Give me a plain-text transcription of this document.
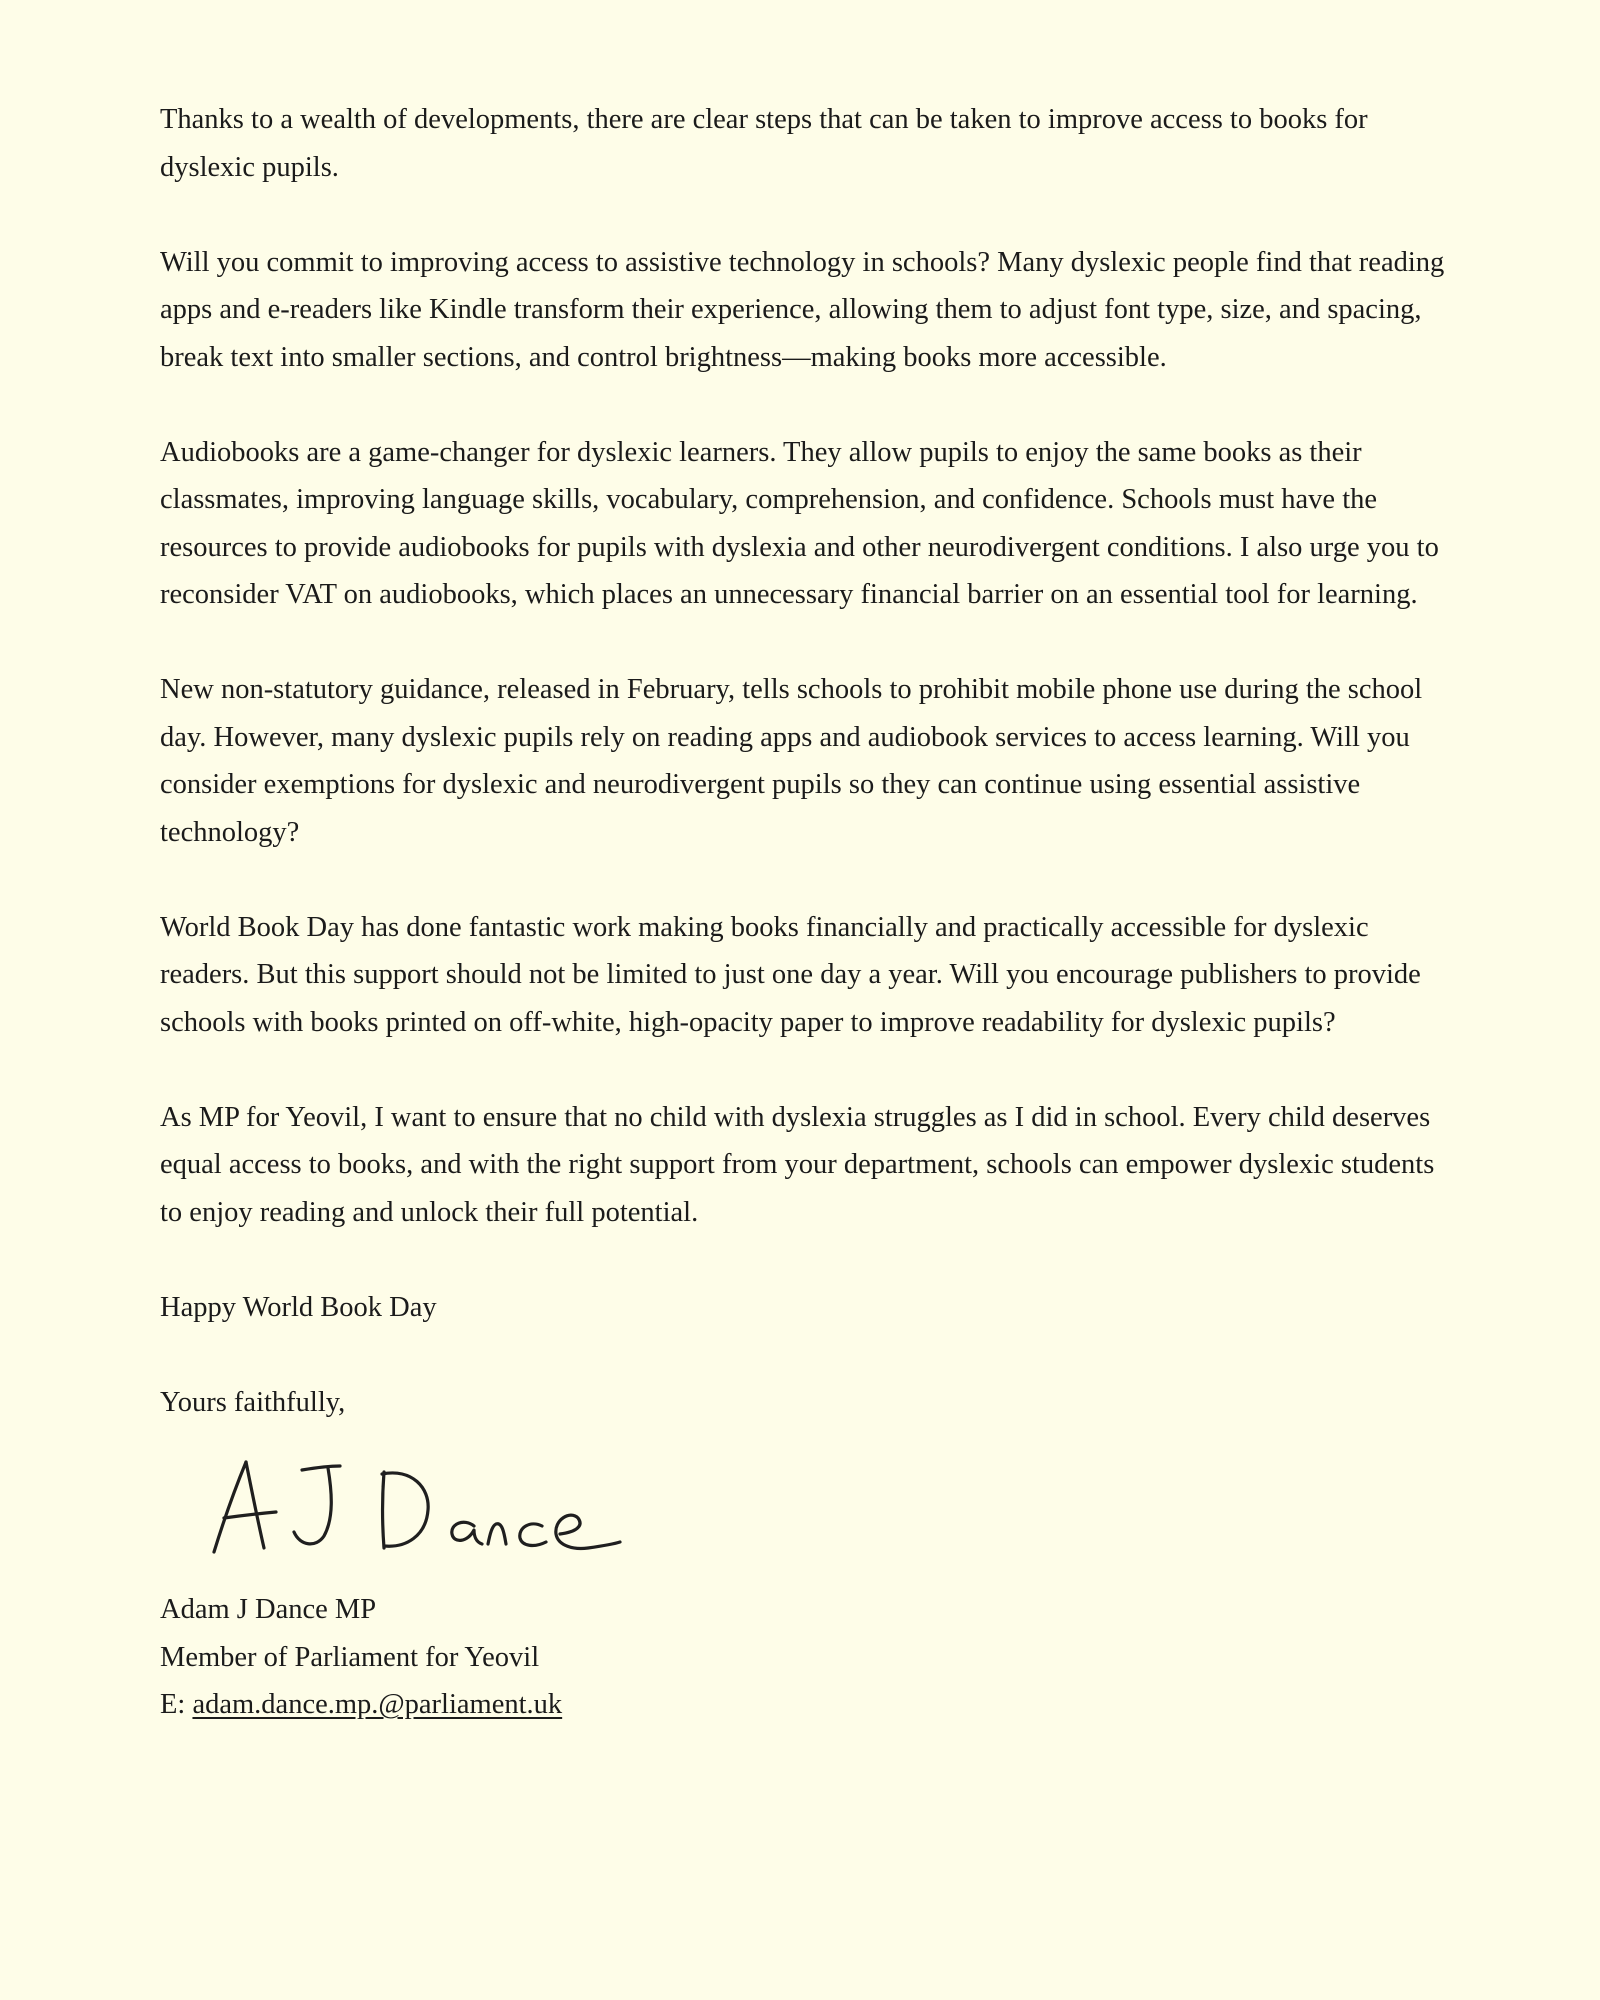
Thanks to a wealth of developments, there are clear steps that can be taken to improve access to books for dyslexic pupils.

Will you commit to improving access to assistive technology in schools? Many dyslexic people find that reading apps and e-readers like Kindle transform their experience, allowing them to adjust font type, size, and spacing, break text into smaller sections, and control brightness—making books more accessible.

Audiobooks are a game-changer for dyslexic learners. They allow pupils to enjoy the same books as their classmates, improving language skills, vocabulary, comprehension, and confidence. Schools must have the resources to provide audiobooks for pupils with dyslexia and other neurodivergent conditions. I also urge you to reconsider VAT on audiobooks, which places an unnecessary financial barrier on an essential tool for learning.

New non-statutory guidance, released in February, tells schools to prohibit mobile phone use during the school day. However, many dyslexic pupils rely on reading apps and audiobook services to access learning. Will you consider exemptions for dyslexic and neurodivergent pupils so they can continue using essential assistive technology?

World Book Day has done fantastic work making books financially and practically accessible for dyslexic readers. But this support should not be limited to just one day a year. Will you encourage publishers to provide schools with books printed on off-white, high-opacity paper to improve readability for dyslexic pupils?

As MP for Yeovil, I want to ensure that no child with dyslexia struggles as I did in school. Every child deserves equal access to books, and with the right support from your department, schools can empower dyslexic students to enjoy reading and unlock their full potential.

Happy World Book Day

Yours faithfully,

Adam J Dance MP
Member of Parliament for Yeovil
E: adam.dance.mp.@parliament.uk
